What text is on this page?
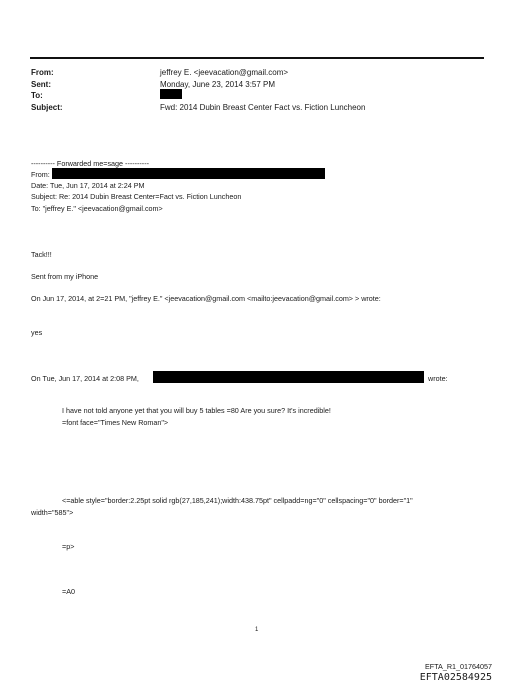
From:	jeffrey E. <jeevacation@gmail.com>
Sent:	Monday, June 23, 2014 3:57 PM
To:
Subject:	Fwd: 2014 Dubin Breast Center Fact vs. Fiction Luncheon
---------- Forwarded me=sage ----------
From:
Date: Tue, Jun 17, 2014 at 2:24 PM
Subject: Re: 2014 Dubin Breast Center=Fact vs. Fiction Luncheon
To: "jeffrey E." <jeevacation@gmail.com>
Tack!!!
Sent from my iPhone
On Jun 17, 2014, at 2=21 PM, "jeffrey E." <jeevacation@gmail.com <mailto:jeevacation@gmail.com> > wrote:
yes
On Tue, Jun 17, 2014 at 2:08 PM,	wrote:
I have not told anyone yet that you will buy 5 tables =80 Are you sure? It's incredible!
=font face="Times New Roman">
<=able style="border:2.25pt solid rgb(27,185,241);width:438.75pt" cellpadd=ng="0" cellspacing="0" border="1"
width="585">
=p>
=A0
1
EFTA_R1_01764057
EFTA02584925
